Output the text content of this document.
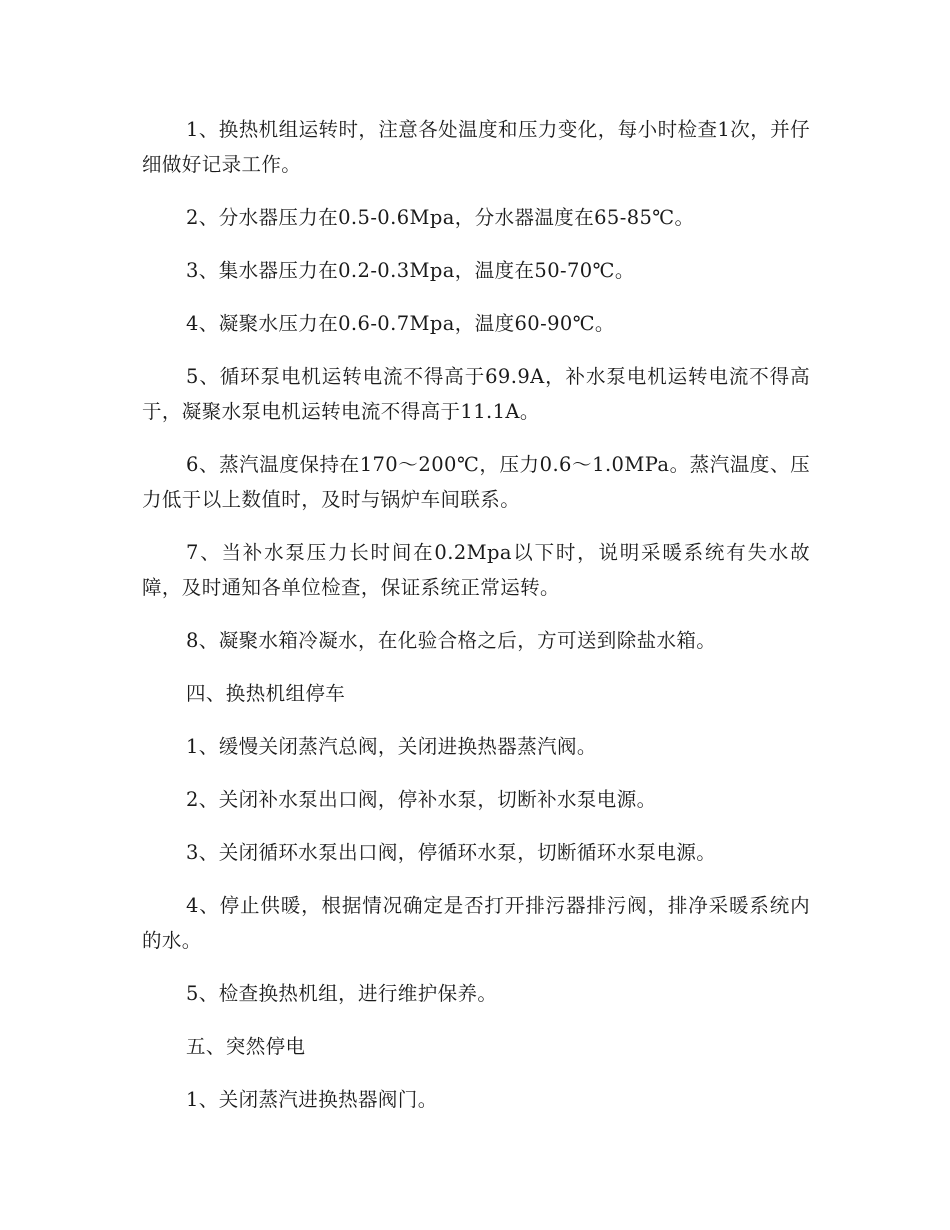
1、换热机组运转时，注意各处温度和压力变化，每小时检查1次，并仔细做好记录工作。

2、分水器压力在0.5-0.6Mpa，分水器温度在65-85℃。

3、集水器压力在0.2-0.3Mpa，温度在50-70℃。

4、凝聚水压力在0.6-0.7Mpa，温度60-90℃。

5、循环泵电机运转电流不得高于69.9A，补水泵电机运转电流不得高于，凝聚水泵电机运转电流不得高于11.1A。

6、蒸汽温度保持在170～200℃，压力0.6～1.0MPa。蒸汽温度、压力低于以上数值时，及时与锅炉车间联系。

7、当补水泵压力长时间在0.2Mpa以下时，说明采暖系统有失水故障，及时通知各单位检查，保证系统正常运转。

8、凝聚水箱冷凝水，在化验合格之后，方可送到除盐水箱。

四、换热机组停车

1、缓慢关闭蒸汽总阀，关闭进换热器蒸汽阀。

2、关闭补水泵出口阀，停补水泵，切断补水泵电源。

3、关闭循环水泵出口阀，停循环水泵，切断循环水泵电源。

4、停止供暖，根据情况确定是否打开排污器排污阀，排净采暖系统内的水。

5、检查换热机组，进行维护保养。

五、突然停电

1、关闭蒸汽进换热器阀门。
